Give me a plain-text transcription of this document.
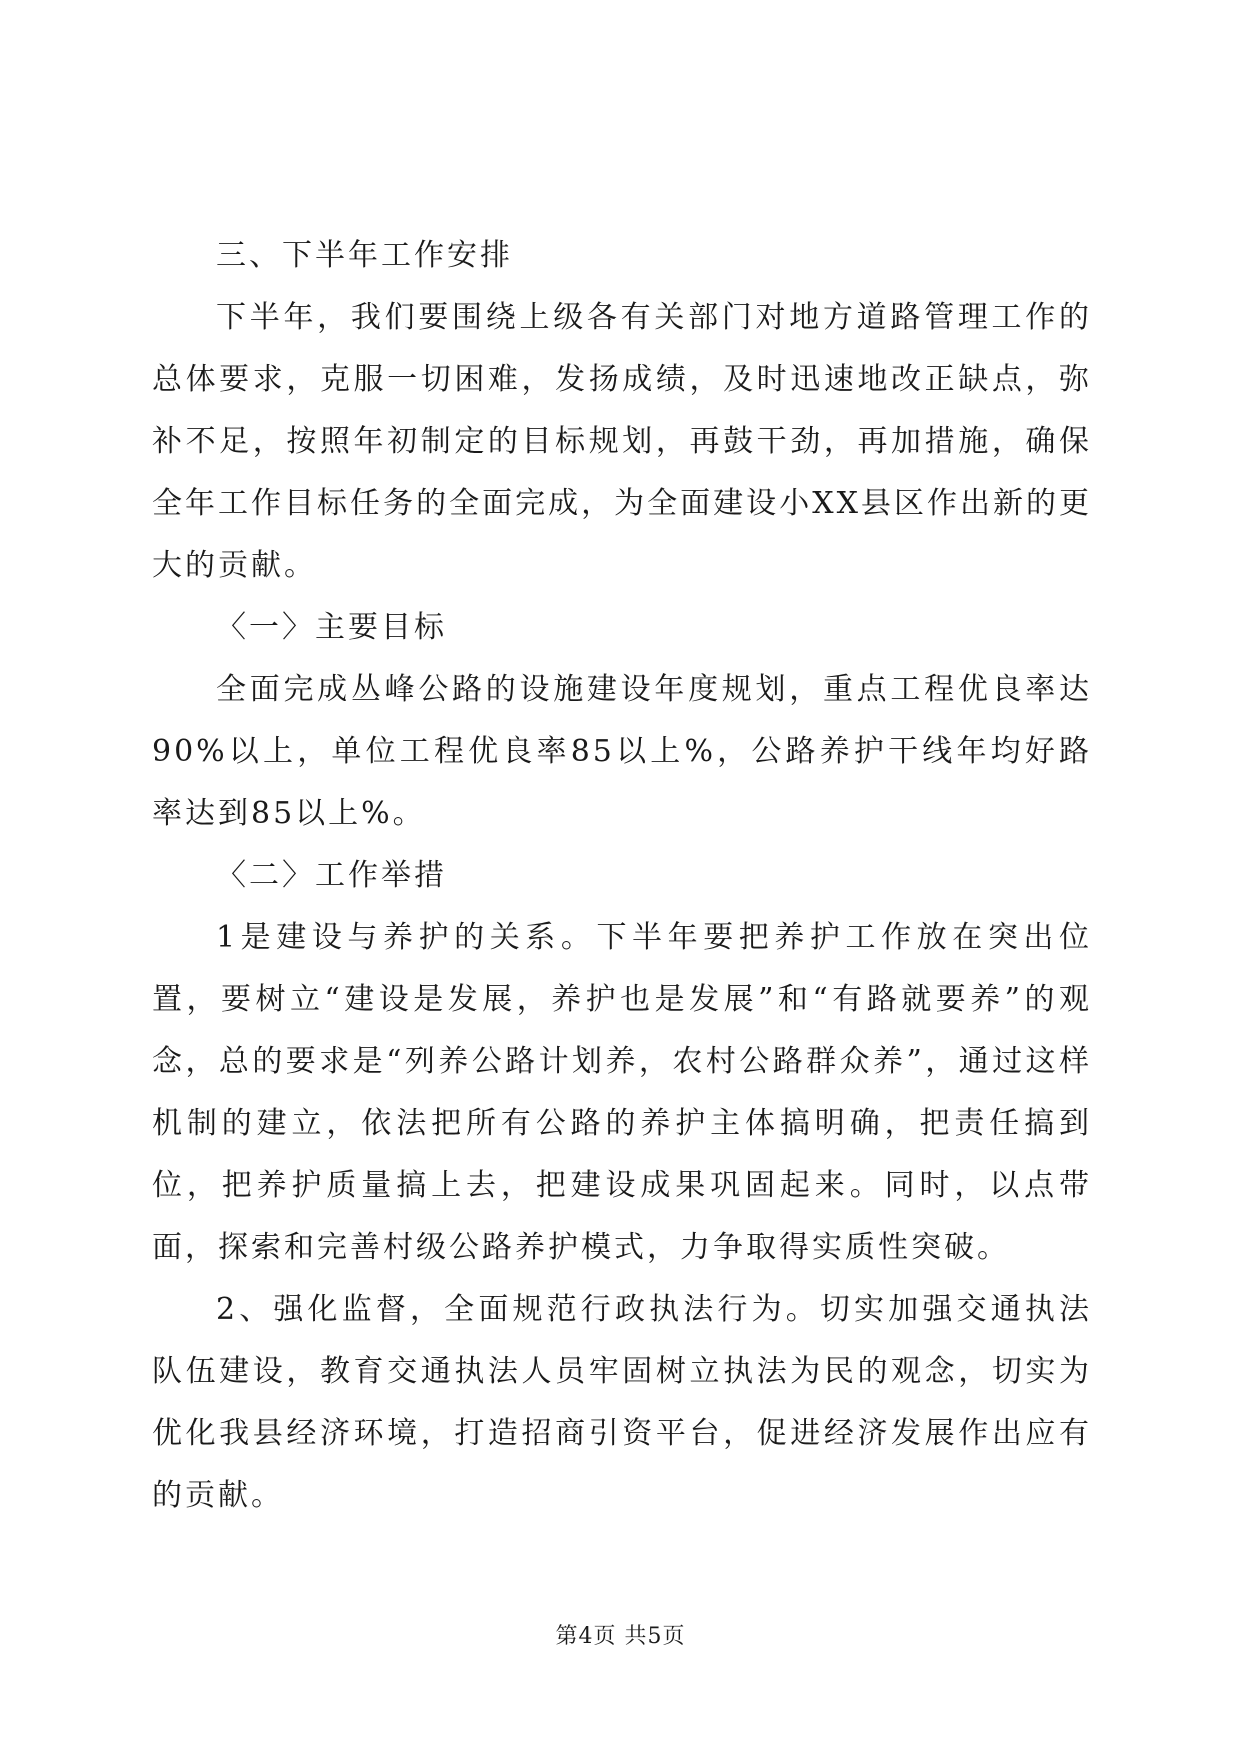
三、下半年工作安排

下半年，我们要围绕上级各有关部门对地方道路管理工作的总体要求，克服一切困难，发扬成绩，及时迅速地改正缺点，弥补不足，按照年初制定的目标规划，再鼓干劲，再加措施，确保全年工作目标任务的全面完成，为全面建设小XX县区作出新的更大的贡献。

〈一〉主要目标

全面完成丛峰公路的设施建设年度规划，重点工程优良率达90%以上，单位工程优良率85以上%，公路养护干线年均好路率达到85以上%。

〈二〉工作举措

1是建设与养护的关系。下半年要把养护工作放在突出位置，要树立“建设是发展，养护也是发展”和“有路就要养”的观念，总的要求是“列养公路计划养，农村公路群众养”，通过这样机制的建立，依法把所有公路的养护主体搞明确，把责任搞到位，把养护质量搞上去，把建设成果巩固起来。同时，以点带面，探索和完善村级公路养护模式，力争取得实质性突破。

2、强化监督，全面规范行政执法行为。切实加强交通执法队伍建设，教育交通执法人员牢固树立执法为民的观念，切实为优化我县经济环境，打造招商引资平台，促进经济发展作出应有的贡献。

第4页 共5页
